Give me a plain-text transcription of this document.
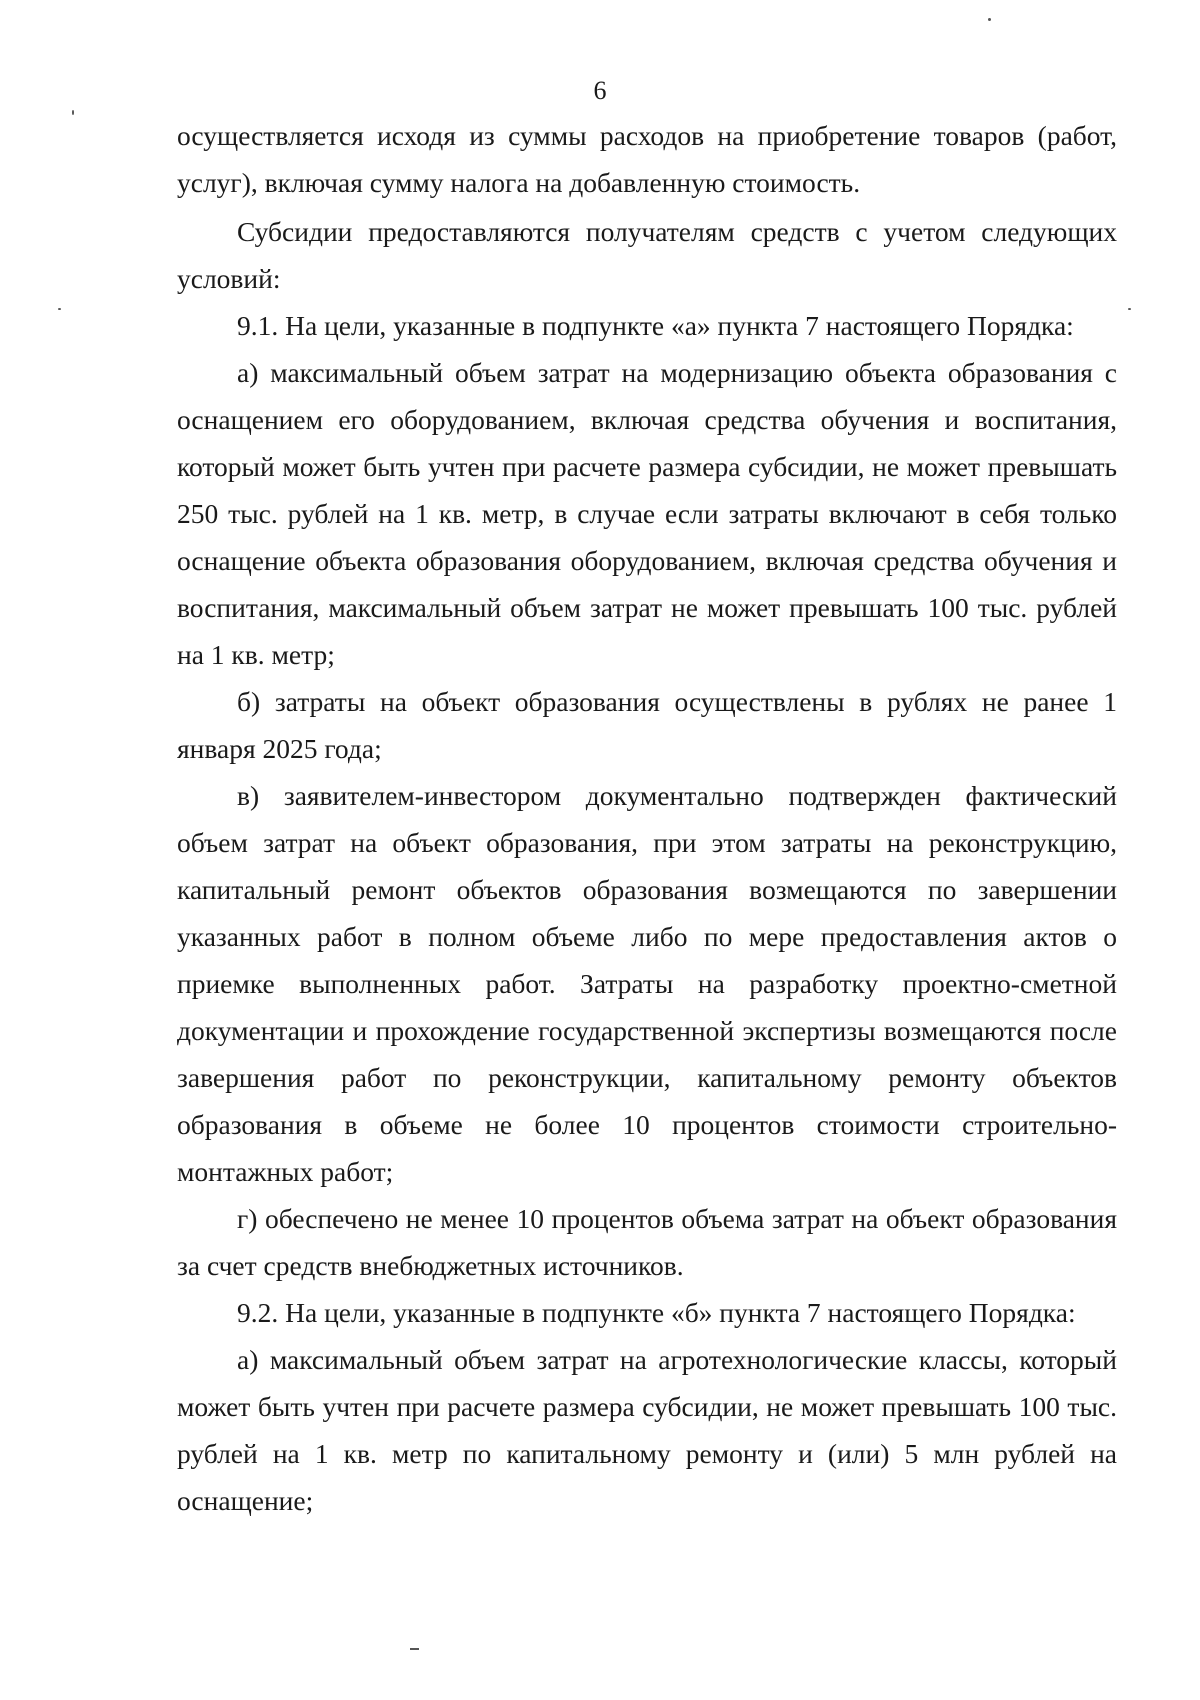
6

осуществляется исходя из суммы расходов на приобретение товаров (работ, услуг), включая сумму налога на добавленную стоимость.

Субсидии предоставляются получателям средств с учетом следующих условий:

9.1. На цели, указанные в подпункте «а» пункта 7 настоящего Порядка:

а) максимальный объем затрат на модернизацию объекта образования с оснащением его оборудованием, включая средства обучения и воспитания, который может быть учтен при расчете размера субсидии, не может превышать 250 тыс. рублей на 1 кв. метр, в случае если затраты включают в себя только оснащение объекта образования оборудованием, включая средства обучения и воспитания, максимальный объем затрат не может превышать 100 тыс. рублей на 1 кв. метр;

б) затраты на объект образования осуществлены в рублях не ранее 1 января 2025 года;

в) заявителем-инвестором документально подтвержден фактический объем затрат на объект образования, при этом затраты на реконструкцию, капитальный ремонт объектов образования возмещаются по завершении указанных работ в полном объеме либо по мере предоставления актов о приемке выполненных работ. Затраты на разработку проектно-сметной документации и прохождение государственной экспертизы возмещаются после завершения работ по реконструкции, капитальному ремонту объектов образования в объеме не более 10 процентов стоимости строительно-монтажных работ;

г) обеспечено не менее 10 процентов объема затрат на объект образования за счет средств внебюджетных источников.

9.2. На цели, указанные в подпункте «б» пункта 7 настоящего Порядка:

а) максимальный объем затрат на агротехнологические классы, который может быть учтен при расчете размера субсидии, не может превышать 100 тыс. рублей на 1 кв. метр по капитальному ремонту и (или) 5 млн рублей на оснащение;
